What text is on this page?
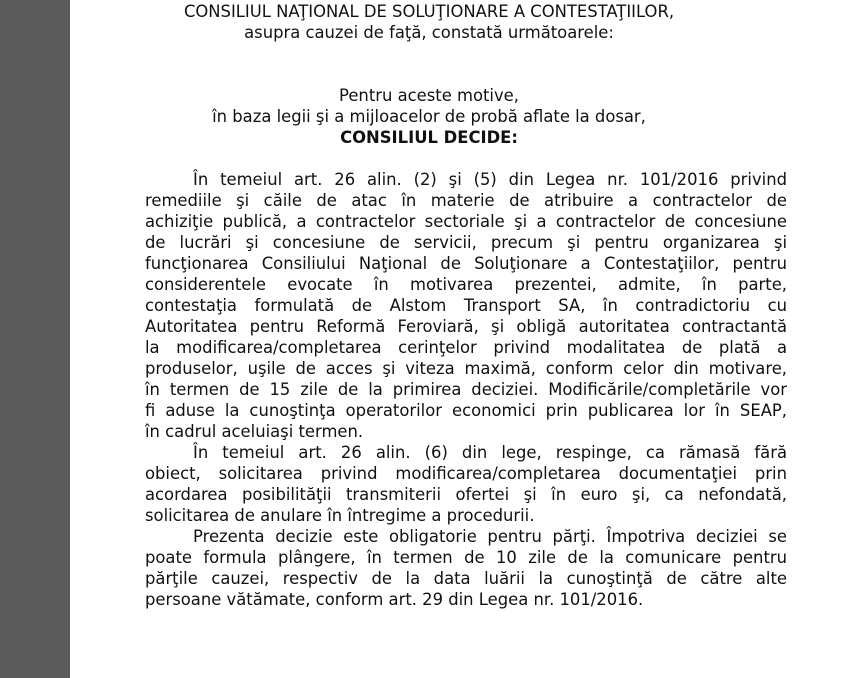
CONSILIUL NAŢIONAL DE SOLUŢIONARE A CONTESTAŢIILOR,
asupra cauzei de faţă, constată următoarele:
Pentru aceste motive,
în baza legii şi a mijloacelor de probă aflate la dosar,
CONSILIUL DECIDE:
În temeiul art. 26 alin. (2) şi (5) din Legea nr. 101/2016 privind
remediile şi căile de atac în materie de atribuire a contractelor de
achiziţie publică, a contractelor sectoriale şi a contractelor de concesiune
de lucrări şi concesiune de servicii, precum şi pentru organizarea şi
funcţionarea Consiliului Naţional de Soluţionare a Contestaţiilor, pentru
considerentele evocate în motivarea prezentei, admite, în parte,
contestaţia formulată de Alstom Transport SA, în contradictoriu cu
Autoritatea pentru Reformă Feroviară, şi obligă autoritatea contractantă
la modificarea/completarea cerinţelor privind modalitatea de plată a
produselor, uşile de acces şi viteza maximă, conform celor din motivare,
în termen de 15 zile de la primirea deciziei. Modificările/completările vor
fi aduse la cunoştinţa operatorilor economici prin publicarea lor în SEAP,
în cadrul aceluiaşi termen.
În temeiul art. 26 alin. (6) din lege, respinge, ca rămasă fără
obiect, solicitarea privind modificarea/completarea documentaţiei prin
acordarea posibilităţii transmiterii ofertei şi în euro şi, ca nefondată,
solicitarea de anulare în întregime a procedurii.
Prezenta decizie este obligatorie pentru părţi. Împotriva deciziei se
poate formula plângere, în termen de 10 zile de la comunicare pentru
părţile cauzei, respectiv de la data luării la cunoştinţă de către alte
persoane vătămate, conform art. 29 din Legea nr. 101/2016.
